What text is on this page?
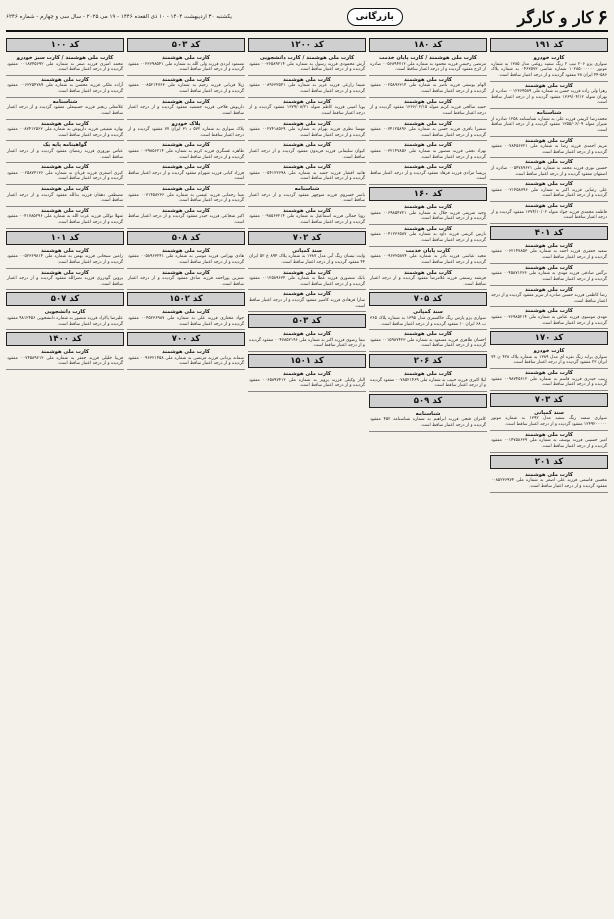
۶
کار و کارگر
بازرگانی
یکشنبه ۳۰ اردیبهشت ۱۴۰۴ - ۱۰ ذی القعده ۱۴۴۶ - ۱۹ می ۲۰۲۵ - سال سی و چهارم - شماره ۶۲۴۶
کد ۱۹۱
کارت خودرو
سواری پژو ۲۰۶ تیپ ۲ رنگ سفید روغنی مدل ۱۳۸۵ به شماره موتور ۱۰۲۸۵۰۰۰۰۰۰ شماره شاسی ۰۴۶۳۵۷۳ به شماره پلاک ۵۸۶-۴۴ ایران ۳۸ مفقود گردیده و از درجه اعتبار ساقط است.
کارت ملی هوشمند
زهرا ولی زاده فرزند حسن به شماره ملی ۰۰۱۲۳۶۴۵۸۹ صادره از تهران متولد ۱۳۶۹/۰۴/۱۲ مفقود گردیده و از درجه اعتبار ساقط است.
شناسنامه
محمدرضا کریمی فرزند علی به شماره شناسنامه ۱۲۵۸ صادره از شیراز متولد ۱۳۵۵/۰۶/۰۹ مفقود گردیده و از درجه اعتبار ساقط است.
کارت ملی هوشمند
مریم احمدی فرزند رضا به شماره ملی ۰۰۷۸۴۵۶۳۲۱ مفقود گردیده و از درجه اعتبار ساقط است.
کارت ملی هوشمند
حسین نوری فرزند محمد به شماره ملی ۰۰۵۴۷۸۹۶۲۱ صادره از اصفهان مفقود گردیده و از درجه اعتبار ساقط است.
کارت ملی هوشمند
علی رضایی فرزند اکبر به شماره ملی ۰۰۲۱۴۵۸۷۹۶ مفقود گردیده و از درجه اعتبار ساقط است.
کارت ملی هوشمند
فاطمه محمدی فرزند جواد متولد ۱۳۷۴/۱۰/۰۲ مفقود گردیده و از درجه اعتبار ساقط است.
کد ۴۰۱
کارت ملی هوشمند
سعید جعفری فرزند احمد به شماره ملی ۰۰۶۲۱۴۷۸۵۳ مفقود گردیده و از درجه اعتبار ساقط است.
کارت ملی هوشمند
نرگس صادقی فرزند مهدی به شماره ملی ۰۰۴۵۸۷۱۲۳۶ مفقود گردیده و از درجه اعتبار ساقط است.
کارت ملی هوشمند
رضا کاظمی فرزند حسین صادره از تبریز مفقود گردیده و از درجه اعتبار ساقط است.
کارت ملی هوشمند
مهدی موسوی فرزند عباس به شماره ملی ۰۰۳۶۹۸۵۲۱۴ مفقود گردیده و از درجه اعتبار ساقط است.
کد ۱۷۰
کارت خودرو
سواری پراید رنگ نقره ای مدل ۱۳۸۹ به شماره پلاک ۴۲۸ ن ۷۴ ایران ۲۲ مفقود گردیده و از درجه اعتبار ساقط است.
کارت ملی هوشمند
زینب حیدری فرزند قاسم به شماره ملی ۰۰۹۸۷۴۵۶۱۲ مفقود گردیده و از درجه اعتبار ساقط است.
کد ۷۰۳
سند کمپانی
سواری سمند رنگ سفید مدل ۱۳۹۲ به شماره موتور ۱۲۴۹۲۰۰۰۰۰ مفقود گردیده و از درجه اعتبار ساقط است.
کارت ملی هوشمند
امیر حسینی فرزند یوسف به شماره ملی ۰۰۱۴۷۵۸۶۳۹ مفقود گردیده و از درجه اعتبار ساقط است.
کد ۲۰۱
کارت ملی هوشمند
محسن قاسمی فرزند علی اصغر به شماره ملی ۰۰۸۵۲۳۶۹۷۴ مفقود گردیده و از درجه اعتبار ساقط است.
کد ۱۸۰
کارت ملی هوشمند / کارت پایان خدمت
مرتضی رحیمی فرزند محمود به شماره ملی ۰۰۵۶۸۹۴۷۱۲ صادره از کرج مفقود گردیده و از درجه اعتبار ساقط است.
کارت ملی هوشمند
الهام یوسفی فرزند ناصر به شماره ملی ۰۰۲۵۸۹۶۳۱۴ مفقود گردیده و از درجه اعتبار ساقط است.
کارت ملی هوشمند
حمید صالحی فرزند کریم متولد ۱۳۶۶/۰۲/۱۵ مفقود گردیده و از درجه اعتبار ساقط است.
کارت ملی هوشمند
سمیرا باقری فرزند حسن به شماره ملی ۰۰۷۴۱۲۵۸۹۶ مفقود گردیده و از درجه اعتبار ساقط است.
کارت ملی هوشمند
بهزاد نجفی فرزند منصور به شماره ملی ۰۰۳۲۱۴۷۸۵۶ مفقود گردیده و از درجه اعتبار ساقط است.
کارت ملی هوشمند
پریسا مرادی فرزند فرهاد مفقود گردیده و از درجه اعتبار ساقط است.
کد ۱۶۰
کارت ملی هوشمند
وحید شریفی فرزند جلال به شماره ملی ۰۰۶۹۸۵۴۷۲۱ مفقود گردیده و از درجه اعتبار ساقط است.
کارت ملی هوشمند
نازنین کریمی فرزند داود به شماره ملی ۰۰۴۱۲۳۶۵۸۷ مفقود گردیده و از درجه اعتبار ساقط است.
کارت پایان خدمت
مجید عباسی فرزند نادر به شماره ملی ۰۰۹۶۳۲۵۸۷۴ مفقود گردیده و از درجه اعتبار ساقط است.
کارت ملی هوشمند
فرشته رستمی فرزند غلامرضا مفقود گردیده و از درجه اعتبار ساقط است.
کد ۷۰۵
سند کمپانی
سواری پژو پارس رنگ خاکستری مدل ۱۳۹۵ به شماره پلاک ۳۶۵ ب ۶۸ ایران ۱۰ مفقود گردیده و از درجه اعتبار ساقط است.
کارت ملی هوشمند
احسان طاهری فرزند مسعود به شماره ملی ۰۰۱۵۹۸۷۴۲۳ مفقود گردیده و از درجه اعتبار ساقط است.
کد ۲۰۶
کارت ملی هوشمند
لیلا اکبری فرزند حبیب به شماره ملی ۰۰۷۸۵۲۱۴۶۹ مفقود گردیده و از درجه اعتبار ساقط است.
کد ۵۰۹
شناسنامه
کامران فتحی فرزند ابراهیم به شماره شناسنامه ۴۵۲ مفقود گردیده و از درجه اعتبار ساقط است.
کد ۱۲۰۰
کارت ملی هوشمند / کارت دانشجویی
آرش محمودی فرزند رسول به شماره ملی ۰۰۳۶۵۸۹۲۱۴ مفقود گردیده و از درجه اعتبار ساقط است.
کارت ملی هوشمند
شیما زارعی فرزند عزیز به شماره ملی ۰۰۸۹۶۳۲۵۴۱ مفقود گردیده و از درجه اعتبار ساقط است.
کارت ملی هوشمند
پویا امینی فرزند کاظم متولد ۱۳۷۹/۰۸/۲۱ مفقود گردیده و از درجه اعتبار ساقط است.
کارت ملی هوشمند
مهسا نظری فرزند بهرام به شماره ملی ۰۰۲۷۴۱۸۵۶۹ مفقود گردیده و از درجه اعتبار ساقط است.
کارت ملی هوشمند
کیوان سلیمانی فرزند فریدون مفقود گردیده و از درجه اعتبار ساقط است.
کارت ملی هوشمند
هانیه افشار فرزند حمید به شماره ملی ۰۰۵۴۱۲۳۶۹۸ مفقود گردیده و از درجه اعتبار ساقط است.
شناسنامه
یاسر خسروی فرزند منوچهر مفقود گردیده و از درجه اعتبار ساقط است.
کارت ملی هوشمند
رویا جمالی فرزند اسماعیل به شماره ملی ۰۰۹۸۵۶۳۲۱۴ مفقود گردیده و از درجه اعتبار ساقط است.
کد ۷۰۲
سند کمپانی
وانت نیسان رنگ آبی مدل ۱۳۸۷ به شماره پلاک ۸۹۴ ع ۵۲ ایران ۴۴ مفقود گردیده و از درجه اعتبار ساقط است.
کارت ملی هوشمند
بابک منصوری فرزند عطا به شماره ملی ۰۰۱۲۵۸۹۶۳۴ مفقود گردیده و از درجه اعتبار ساقط است.
کارت ملی هوشمند
سارا فرهادی فرزند کامبیز مفقود گردیده و از درجه اعتبار ساقط است.
کد ۵۰۳
کارت ملی هوشمند
نیما رضوی فرزند اکبر به شماره ملی ۰۰۴۷۸۵۲۱۹۶ مفقود گردیده و از درجه اعتبار ساقط است.
کد ۱۵۰۱
کارت ملی هوشمند
الناز وکیلی فرزند پرویز به شماره ملی ۰۰۶۵۸۹۷۴۱۲ مفقود گردیده و از درجه اعتبار ساقط است.
کد ۵۰۳
کارت ملی هوشمند
مسعود ایزدی فرزند ولی الله به شماره ملی ۰۰۲۳۶۹۸۵۴۱ مفقود گردیده و از درجه اعتبار ساقط است.
کارت ملی هوشمند
ژیلا قربانی فرزند رحیم به شماره ملی ۰۰۸۵۲۱۴۷۶۳ مفقود گردیده و از درجه اعتبار ساقط است.
کارت ملی هوشمند
داریوش فلاحی فرزند جمشید مفقود گردیده و از درجه اعتبار ساقط است.
پلاک خودرو
پلاک سواری به شماره ۵۷۲ د ۳۱ ایران ۷۷ مفقود گردیده و از درجه اعتبار ساقط است.
کارت ملی هوشمند
طاهره عسگری فرزند کریم به شماره ملی ۰۰۳۹۸۵۶۲۱۴ مفقود گردیده و از درجه اعتبار ساقط است.
کارت ملی هوشمند
فرزاد کیانی فرزند شهرام مفقود گردیده و از درجه اعتبار ساقط است.
کارت ملی هوشمند
مینا رحمانی فرزند عیسی به شماره ملی ۰۰۷۱۴۵۸۲۳۶ مفقود گردیده و از درجه اعتبار ساقط است.
کارت ملی هوشمند
اکبر شجاعی فرزند حیدر مفقود گردیده و از درجه اعتبار ساقط است.
کد ۵۰۸
کارت ملی هوشمند
هادی بهرامی فرزند موسی به شماره ملی ۰۰۵۸۹۶۳۲۴۱ مفقود گردیده و از درجه اعتبار ساقط است.
کارت ملی هوشمند
نسرین پوراحمد فرزند صادق مفقود گردیده و از درجه اعتبار ساقط است.
کد ۱۵۰۲
کارت ملی هوشمند
جواد مختاری فرزند علی به شماره ملی ۰۰۴۵۲۳۶۹۸۷ مفقود گردیده و از درجه اعتبار ساقط است.
کد ۷۰۰
کارت ملی هوشمند
سمانه یزدانی فرزند مرتضی به شماره ملی ۰۰۹۶۳۲۱۴۵۸ مفقود گردیده و از درجه اعتبار ساقط است.
کد ۱۰۰
کارت ملی هوشمند / کارت سبز خودرو
محمد امیری فرزند صفر به شماره ملی ۰۰۱۸۷۴۵۶۹۲ مفقود گردیده و از درجه اعتبار ساقط است.
کارت ملی هوشمند
آزاده ملکی فرزند محسن به شماره ملی ۰۰۶۳۲۵۴۷۸۹ مفقود گردیده و از درجه اعتبار ساقط است.
شناسنامه
غلامعلی رنجبر فرزند حسینعلی مفقود گردیده و از درجه اعتبار ساقط است.
کارت ملی هوشمند
بهاره شفیعی فرزند داریوش به شماره ملی ۰۰۸۷۴۱۲۵۶۳ مفقود گردیده و از درجه اعتبار ساقط است.
گواهینامه پایه یک
عباس نوروزی فرزند رمضان مفقود گردیده و از درجه اعتبار ساقط است.
کارت ملی هوشمند
کبری اصغری فرزند قربان به شماره ملی ۰۰۲۵۸۷۴۱۳۶ مفقود گردیده و از درجه اعتبار ساقط است.
کارت ملی هوشمند
مصطفی دهقان فرزند یدالله مفقود گردیده و از درجه اعتبار ساقط است.
کارت ملی هوشمند
شهلا توکلی فرزند عزت الله به شماره ملی ۰۰۴۱۷۸۵۲۹۶ مفقود گردیده و از درجه اعتبار ساقط است.
کد ۱۰۱
کارت ملی هوشمند
رامین سبحانی فرزند بهمن به شماره ملی ۰۰۵۲۳۶۹۸۱۴ مفقود گردیده و از درجه اعتبار ساقط است.
کارت ملی هوشمند
پروین گودرزی فرزند نصرالله مفقود گردیده و از درجه اعتبار ساقط است.
کد ۵۰۷
کارت دانشجویی
علیرضا پاکزاد فرزند منصور به شماره دانشجویی ۹۸۱۲۴۵۶ مفقود گردیده و از درجه اعتبار ساقط است.
کد ۱۴۰۰
کارت ملی هوشمند
فریبا خلیلی فرزند جعفر به شماره ملی ۰۰۷۴۵۸۹۶۱۲ مفقود گردیده و از درجه اعتبار ساقط است.
